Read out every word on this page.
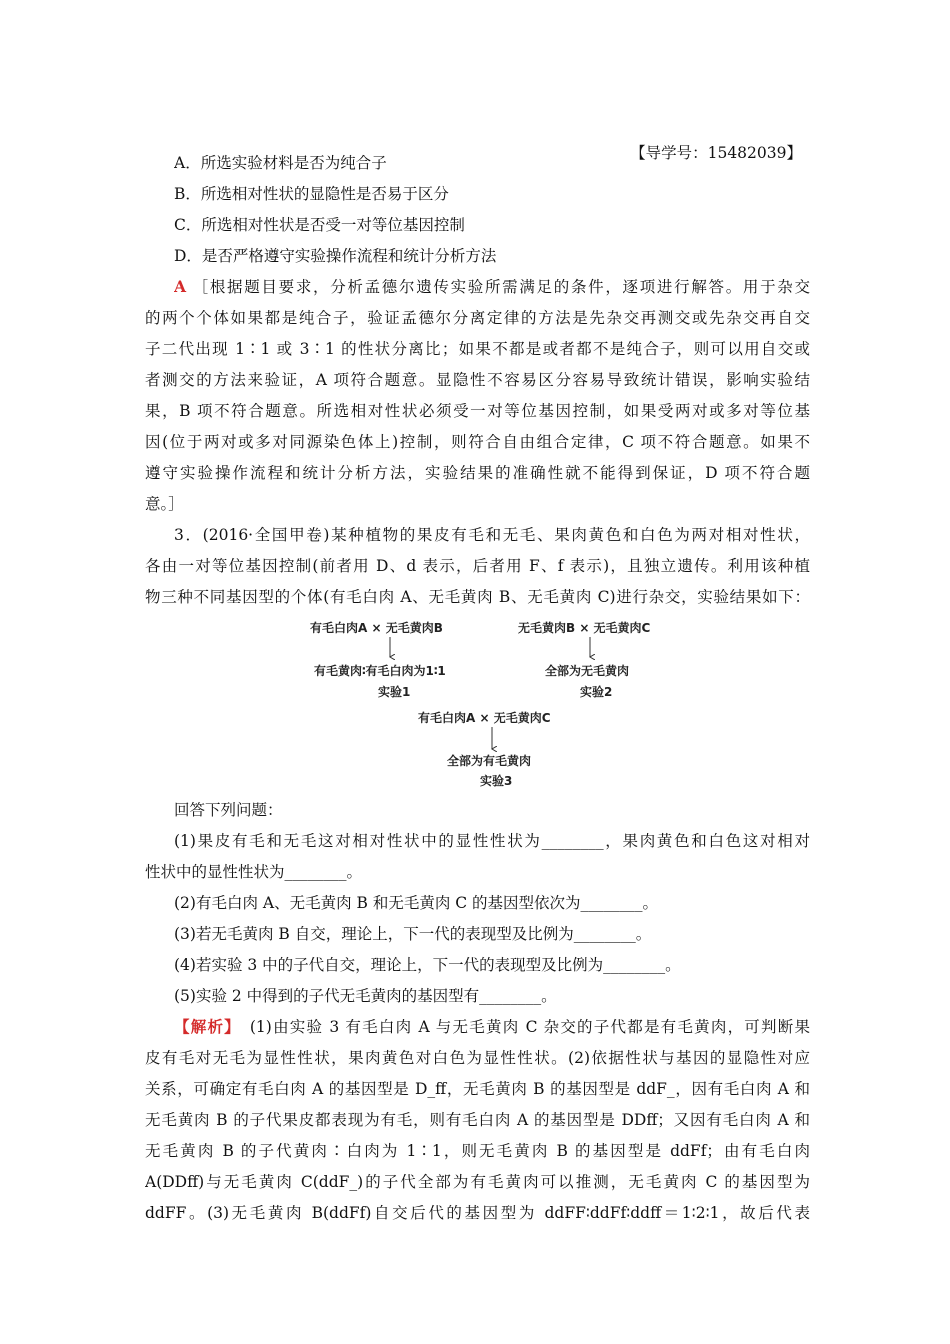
【导学号：15482039】
A．所选实验材料是否为纯合子
B．所选相对性状的显隐性是否易于区分
C．所选相对性状是否受一对等位基因控制
D．是否严格遵守实验操作流程和统计分析方法
A ［根据题目要求，分析孟德尔遗传实验所需满足的条件，逐项进行解答。用于杂交
的两个个体如果都是纯合子，验证孟德尔分离定律的方法是先杂交再测交或先杂交再自交
子二代出现 1∶1 或 3∶1 的性状分离比；如果不都是或者都不是纯合子，则可以用自交或
者测交的方法来验证，A 项符合题意。显隐性不容易区分容易导致统计错误，影响实验结
果，B 项不符合题意。所选相对性状必须受一对等位基因控制，如果受两对或多对等位基
因(位于两对或多对同源染色体上)控制，则符合自由组合定律，C 项不符合题意。如果不
遵守实验操作流程和统计分析方法，实验结果的准确性就不能得到保证，D 项不符合题
意。］
3．(2016·全国甲卷)某种植物的果皮有毛和无毛、果肉黄色和白色为两对相对性状，
各由一对等位基因控制(前者用 D、d 表示，后者用 F、f 表示)，且独立遗传。利用该种植
物三种不同基因型的个体(有毛白肉 A、无毛黄肉 B、无毛黄肉 C)进行杂交，实验结果如下：
有毛白肉A × 无毛黄肉B
有毛黄肉∶有毛白肉为1∶1
实验1
无毛黄肉B × 无毛黄肉C
全部为无毛黄肉
实验2
有毛白肉A × 无毛黄肉C
全部为有毛黄肉
实验3
回答下列问题：
(1)果皮有毛和无毛这对相对性状中的显性性状为________，果肉黄色和白色这对相对
性状中的显性性状为________。
(2)有毛白肉 A、无毛黄肉 B 和无毛黄肉 C 的基因型依次为________。
(3)若无毛黄肉 B 自交，理论上，下一代的表现型及比例为________。
(4)若实验 3 中的子代自交，理论上，下一代的表现型及比例为________。
(5)实验 2 中得到的子代无毛黄肉的基因型有________。
【解析】　(1)由实验 3 有毛白肉 A 与无毛黄肉 C 杂交的子代都是有毛黄肉，可判断果
皮有毛对无毛为显性性状，果肉黄色对白色为显性性状。(2)依据性状与基因的显隐性对应
关系，可确定有毛白肉 A 的基因型是 D_ff，无毛黄肉 B 的基因型是 ddF_，因有毛白肉 A 和
无毛黄肉 B 的子代果皮都表现为有毛，则有毛白肉 A 的基因型是 DDff；又因有毛白肉 A 和
无毛黄肉 B 的子代黄肉∶白肉为 1∶1，则无毛黄肉 B 的基因型是 ddFf；由有毛白肉
A(DDff)与无毛黄肉 C(ddF_)的子代全部为有毛黄肉可以推测，无毛黄肉 C 的基因型为
ddFF。(3)无毛黄肉 B(ddFf)自交后代的基因型为 ddFF∶ddFf∶ddff＝1∶2∶1，故后代表
